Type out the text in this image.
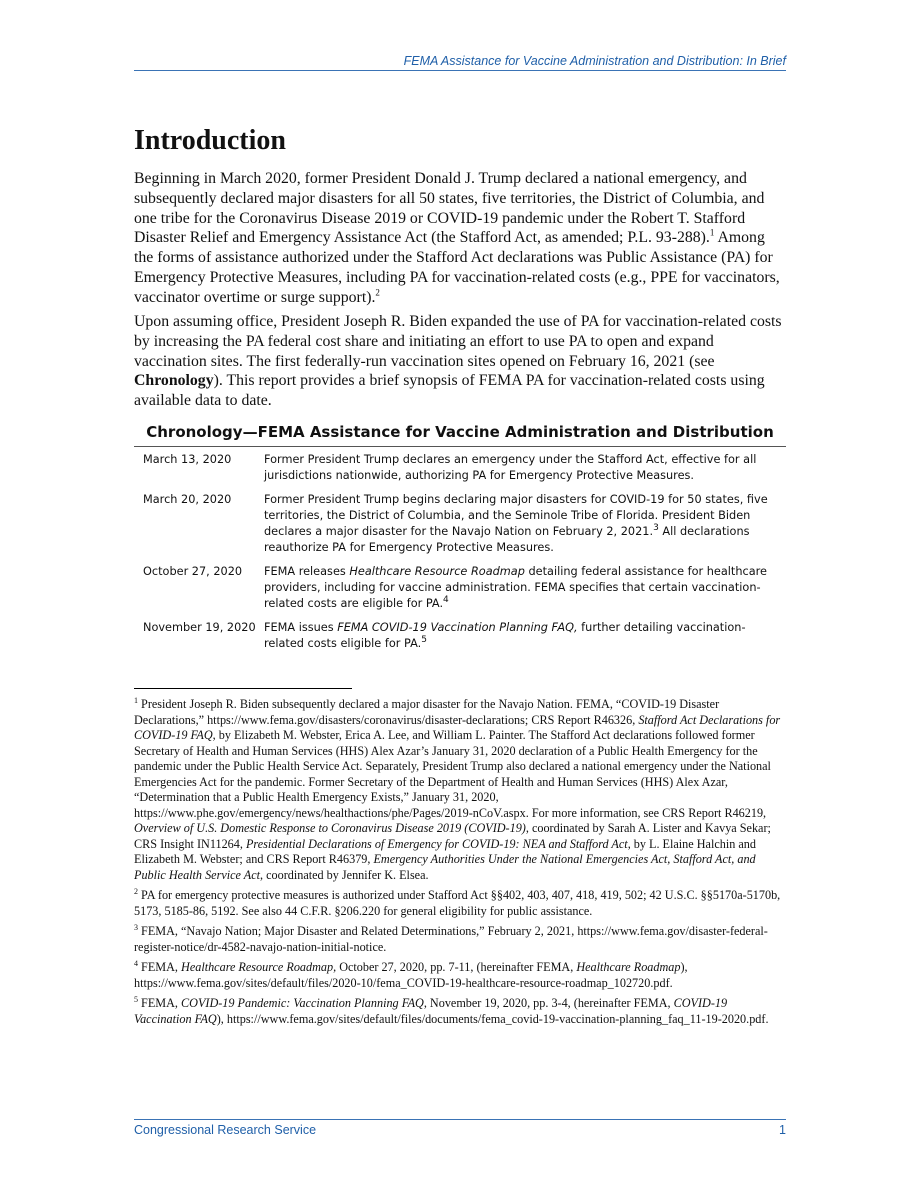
FEMA Assistance for Vaccine Administration and Distribution: In Brief
Introduction

Beginning in March 2020, former President Donald J. Trump declared a national emergency, and subsequently declared major disasters for all 50 states, five territories, the District of Columbia, and one tribe for the Coronavirus Disease 2019 or COVID-19 pandemic under the Robert T. Stafford Disaster Relief and Emergency Assistance Act (the Stafford Act, as amended; P.L. 93-288).$^1$ Among the forms of assistance authorized under the Stafford Act declarations was Public Assistance (PA) for Emergency Protective Measures, including PA for vaccination-related costs (e.g., PPE for vaccinators, vaccinator overtime or surge support).$^2$

Upon assuming office, President Joseph R. Biden expanded the use of PA for vaccination-related costs by increasing the PA federal cost share and initiating an effort to use PA to open and expand vaccination sites. The first federally-run vaccination sites opened on February 16, 2021 (see Chronology). This report provides a brief synopsis of FEMA PA for vaccination-related costs using available data to date.

Chronology—FEMA Assistance for Vaccine Administration and Distribution
March 13, 2020	Former President Trump declares an emergency under the Stafford Act, effective for all jurisdictions nationwide, authorizing PA for Emergency Protective Measures.
March 20, 2020	Former President Trump begins declaring major disasters for COVID-19 for 50 states, five territories, the District of Columbia, and the Seminole Tribe of Florida. President Biden declares a major disaster for the Navajo Nation on February 2, 2021.$^3$ All declarations reauthorize PA for Emergency Protective Measures.
October 27, 2020	FEMA releases Healthcare Resource Roadmap detailing federal assistance for healthcare providers, including for vaccine administration. FEMA specifies that certain vaccination-related costs are eligible for PA.$^4$
November 19, 2020 FEMA issues FEMA COVID-19 Vaccination Planning FAQ, further detailing vaccination-related costs eligible for PA.$^5$

$^1$ President Joseph R. Biden subsequently declared a major disaster for the Navajo Nation. FEMA, “COVID-19 Disaster Declarations,” https://www.fema.gov/disasters/coronavirus/disaster-declarations; CRS Report R46326, Stafford Act Declarations for COVID-19 FAQ, by Elizabeth M. Webster, Erica A. Lee, and William L. Painter. The Stafford Act declarations followed former Secretary of Health and Human Services (HHS) Alex Azar’s January 31, 2020 declaration of a Public Health Emergency for the pandemic under the Public Health Service Act. Separately, President Trump also declared a national emergency under the National Emergencies Act for the pandemic. Former Secretary of the Department of Health and Human Services (HHS) Alex Azar, “Determination that a Public Health Emergency Exists,” January 31, 2020, https://www.phe.gov/emergency/news/healthactions/phe/Pages/2019-nCoV.aspx. For more information, see CRS Report R46219, Overview of U.S. Domestic Response to Coronavirus Disease 2019 (COVID-19), coordinated by Sarah A. Lister and Kavya Sekar; CRS Insight IN11264, Presidential Declarations of Emergency for COVID-19: NEA and Stafford Act, by L. Elaine Halchin and Elizabeth M. Webster; and CRS Report R46379, Emergency Authorities Under the National Emergencies Act, Stafford Act, and Public Health Service Act, coordinated by Jennifer K. Elsea.

$^2$ PA for emergency protective measures is authorized under Stafford Act §§402, 403, 407, 418, 419, 502; 42 U.S.C. §§5170a-5170b, 5173, 5185-86, 5192. See also 44 C.F.R. §206.220 for general eligibility for public assistance.

$^3$ FEMA, “Navajo Nation; Major Disaster and Related Determinations,” February 2, 2021, https://www.fema.gov/disaster-federal-register-notice/dr-4582-navajo-nation-initial-notice.

$^4$ FEMA, Healthcare Resource Roadmap, October 27, 2020, pp. 7-11, (hereinafter FEMA, Healthcare Roadmap), https://www.fema.gov/sites/default/files/2020-10/fema_COVID-19-healthcare-resource-roadmap_102720.pdf.

$^5$ FEMA, COVID-19 Pandemic: Vaccination Planning FAQ, November 19, 2020, pp. 3-4, (hereinafter FEMA, COVID-19 Vaccination FAQ), https://www.fema.gov/sites/default/files/documents/fema_covid-19-vaccination-planning_faq_11-19-2020.pdf.

Congressional Research Service	1
